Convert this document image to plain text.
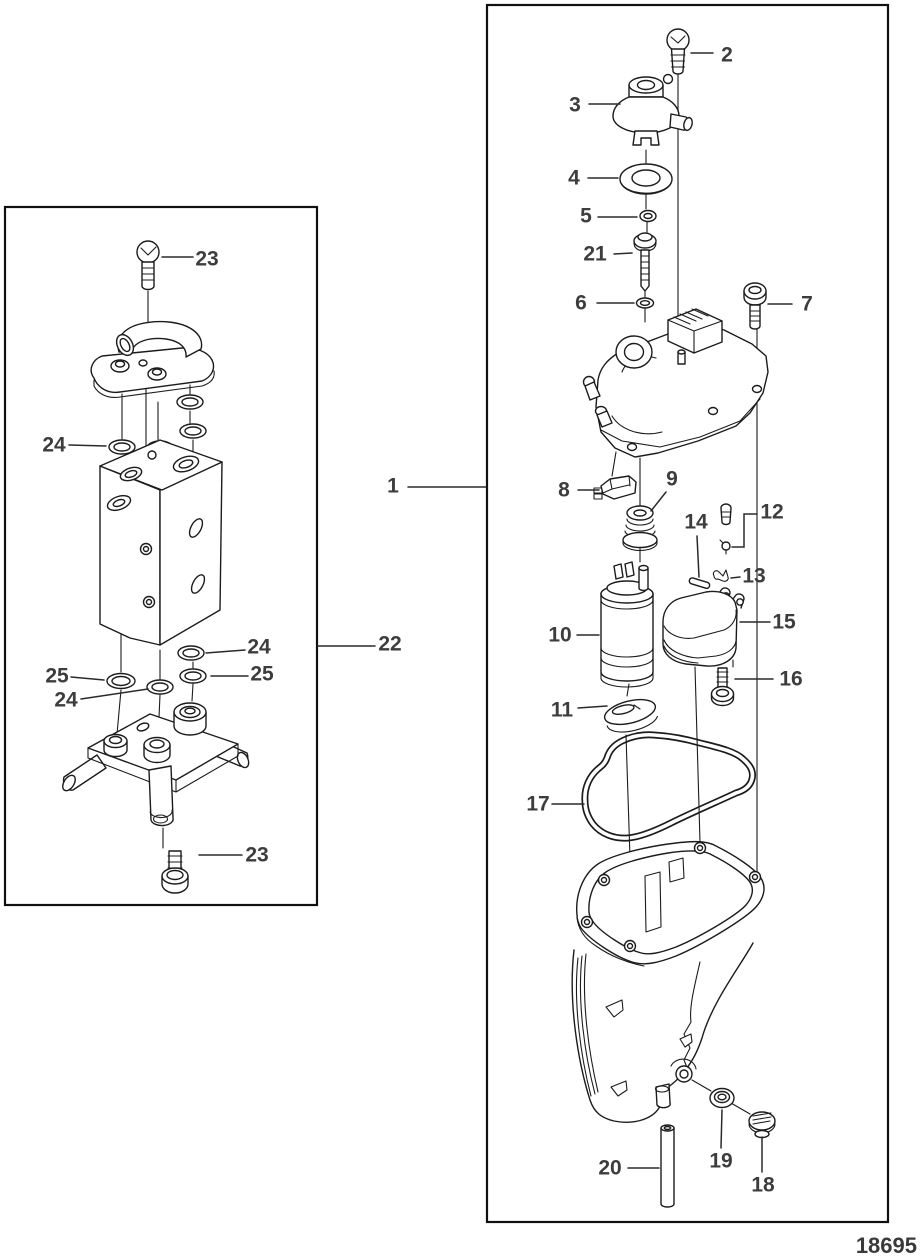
1
2
3
4
5
21
6	7
8	9
12
14
13
10
15
16
11
17
20	19
18
22
23
24
24
25
25
24
23
18695
